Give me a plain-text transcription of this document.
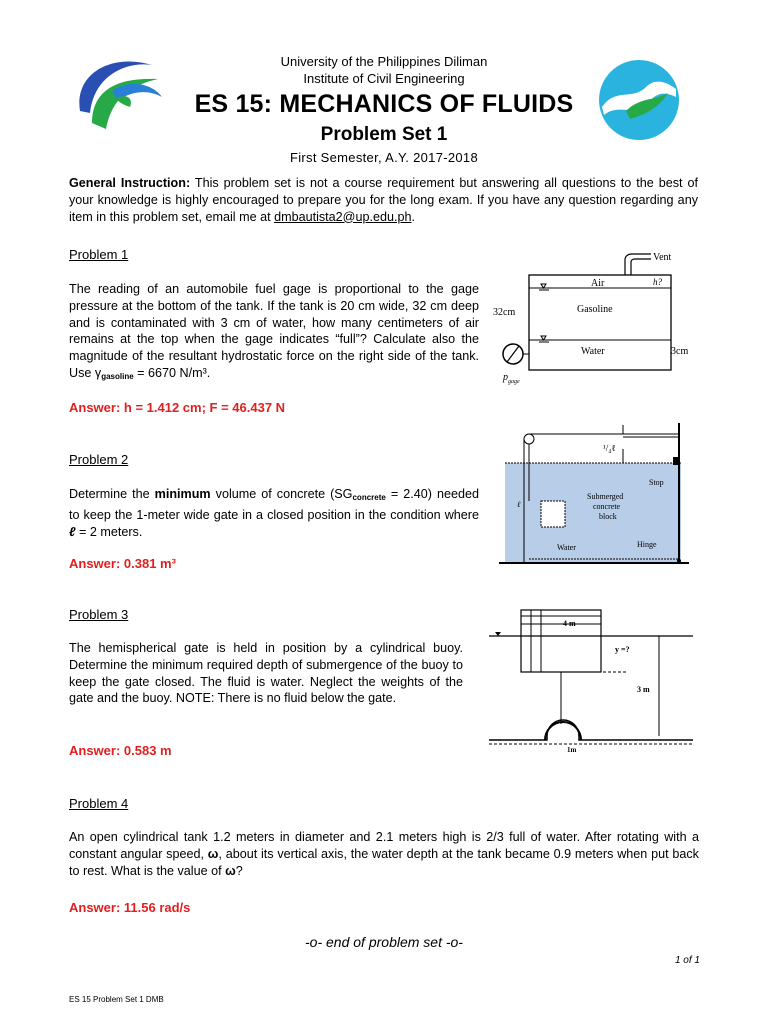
University of the Philippines Diliman
Institute of Civil Engineering
ES 15: MECHANICS OF FLUIDS
Problem Set 1
First Semester, A.Y. 2017-2018
General Instruction: This problem set is not a course requirement but answering all questions to the best of your knowledge is highly encouraged to prepare you for the long exam. If you have any question regarding any item in this problem set, email me at dmbautista2@up.edu.ph.
Problem 1
The reading of an automobile fuel gage is proportional to the gage pressure at the bottom of the tank. If the tank is 20 cm wide, 32 cm deep and is contaminated with 3 cm of water, how many centimeters of air remains at the top when the gage indicates “full”? Calculate also the magnitude of the resultant hydrostatic force on the right side of the tank. Use $\gamma_{gasoline} = 6670$ N/m³.
Answer: h = 1.412 cm; F = 46.437 N
Vent
Air	h?
Gasoline
32cm
Water	3cm
$p_{gage}$
Problem 2
Determine the minimum volume of concrete $(SG_{concrete} = 2.40)$ needed to keep the 1-meter wide gate in a closed position in the condition where ℓ = 2 meters.
Answer: 0.381 m³
¹/₄ℓ
ℓ
Stop
Submerged
concrete
block
Water	Hinge
Problem 3
The hemispherical gate is held in position by a cylindrical buoy. Determine the minimum required depth of submergence of the buoy to keep the gate closed. The fluid is water. Neglect the weights of the gate and the buoy. NOTE: There is no fluid below the gate.
Answer: 0.583 m
4 m
y =?
3 m
1m
Problem 4
An open cylindrical tank 1.2 meters in diameter and 2.1 meters high is 2/3 full of water. After rotating with a constant angular speed, ω, about its vertical axis, the water depth at the tank became 0.9 meters when put back to rest. What is the value of ω?
Answer: 11.56 rad/s
-o- end of problem set -o-
1 of 1
ES 15 Problem Set 1 DMB
